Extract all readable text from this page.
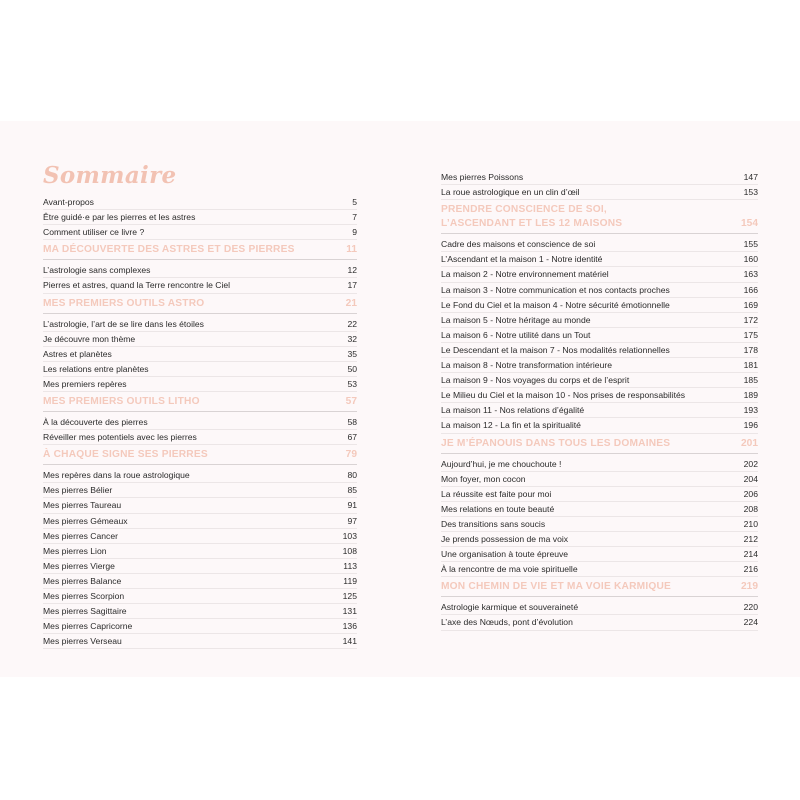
Sommaire
Avant-propos	5
Être guidé·e par les pierres et les astres	7
Comment utiliser ce livre ?	9
MA DÉCOUVERTE DES ASTRES ET DES PIERRES	11
L’astrologie sans complexes	12
Pierres et astres, quand la Terre rencontre le Ciel	17
MES PREMIERS OUTILS ASTRO	21
L’astrologie, l’art de se lire dans les étoiles	22
Je découvre mon thème	32
Astres et planètes	35
Les relations entre planètes	50
Mes premiers repères	53
MES PREMIERS OUTILS LITHO	57
À la découverte des pierres	58
Réveiller mes potentiels avec les pierres	67
À CHAQUE SIGNE SES PIERRES	79
Mes repères dans la roue astrologique	80
Mes pierres Bélier	85
Mes pierres Taureau	91
Mes pierres Gémeaux	97
Mes pierres Cancer	103
Mes pierres Lion	108
Mes pierres Vierge	113
Mes pierres Balance	119
Mes pierres Scorpion	125
Mes pierres Sagittaire	131
Mes pierres Capricorne	136
Mes pierres Verseau	141
Mes pierres Poissons	147
La roue astrologique en un clin d’œil	153
PRENDRE CONSCIENCE DE SOI,
L’ASCENDANT ET LES 12 MAISONS	154
Cadre des maisons et conscience de soi	155
L’Ascendant et la maison 1 - Notre identité	160
La maison 2 - Notre environnement matériel	163
La maison 3 - Notre communication et nos contacts proches	166
Le Fond du Ciel et la maison 4 - Notre sécurité émotionnelle	169
La maison 5 - Notre héritage au monde	172
La maison 6 - Notre utilité dans un Tout	175
Le Descendant et la maison 7 - Nos modalités relationnelles	178
La maison 8 - Notre transformation intérieure	181
La maison 9 - Nos voyages du corps et de l’esprit	185
Le Milieu du Ciel et la maison 10 - Nos prises de responsabilités	189
La maison 11 - Nos relations d’égalité	193
La maison 12 - La fin et la spiritualité	196
JE M’ÉPANOUIS DANS TOUS LES DOMAINES	201
Aujourd’hui, je me chouchoute !	202
Mon foyer, mon cocon	204
La réussite est faite pour moi	206
Mes relations en toute beauté	208
Des transitions sans soucis	210
Je prends possession de ma voix	212
Une organisation à toute épreuve	214
À la rencontre de ma voie spirituelle	216
MON CHEMIN DE VIE ET MA VOIE KARMIQUE	219
Astrologie karmique et souveraineté	220
L’axe des Nœuds, pont d’évolution	224
